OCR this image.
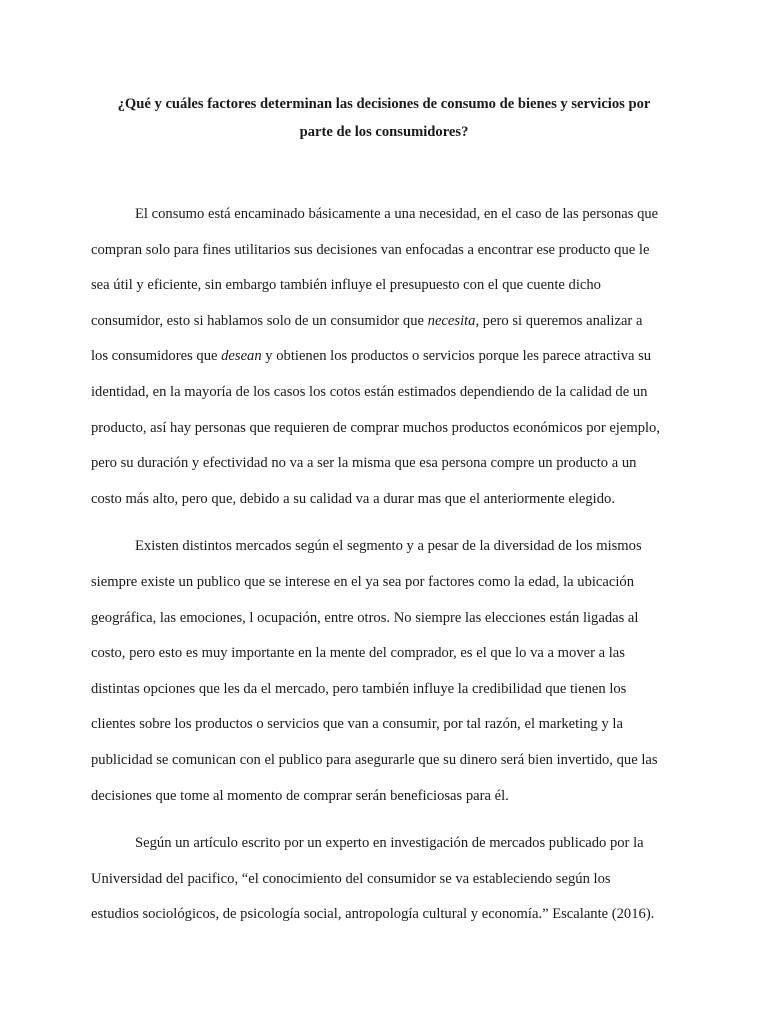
¿Qué y cuáles factores determinan las decisiones de consumo de bienes y servicios por
parte de los consumidores?
El consumo está encaminado básicamente a una necesidad, en el caso de las personas que
compran solo para fines utilitarios sus decisiones van enfocadas a encontrar ese producto que le
sea útil y eficiente, sin embargo también influye el presupuesto con el que cuente dicho
consumidor, esto si hablamos solo de un consumidor que necesita, pero si queremos analizar a
los consumidores que desean y obtienen los productos o servicios porque les parece atractiva su
identidad, en la mayoría de los casos los cotos están estimados dependiendo de la calidad de un
producto, así hay personas que requieren de comprar muchos productos económicos por ejemplo,
pero su duración y efectividad no va a ser la misma que esa persona compre un producto a un
costo más alto, pero que, debido a su calidad va a durar mas que el anteriormente elegido.
Existen distintos mercados según el segmento y a pesar de la diversidad de los mismos
siempre existe un publico que se interese en el ya sea por factores como la edad, la ubicación
geográfica, las emociones, l ocupación, entre otros. No siempre las elecciones están ligadas al
costo, pero esto es muy importante en la mente del comprador, es el que lo va a mover a las
distintas opciones que les da el mercado, pero también influye la credibilidad que tienen los
clientes sobre los productos o servicios que van a consumir, por tal razón, el marketing y la
publicidad se comunican con el publico para asegurarle que su dinero será bien invertido, que las
decisiones que tome al momento de comprar serán beneficiosas para él.
Según un artículo escrito por un experto en investigación de mercados publicado por la
Universidad del pacifico, “el conocimiento del consumidor se va estableciendo según los
estudios sociológicos, de psicología social, antropología cultural y economía.” Escalante (2016).
